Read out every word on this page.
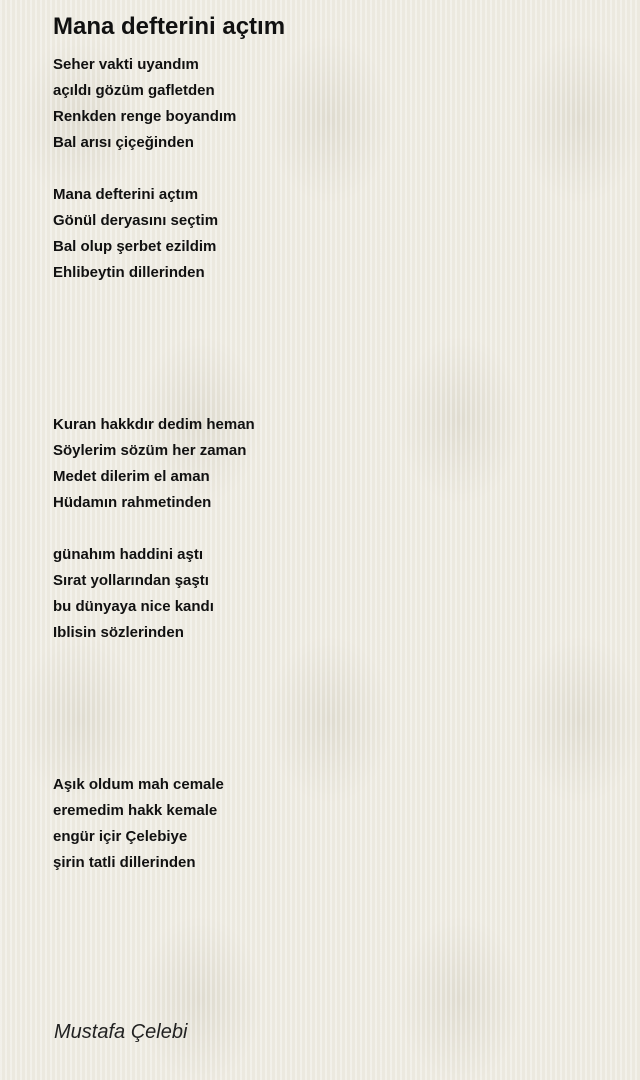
Mana defterini açtım
Seher vakti uyandım
açıldı gözüm gafletden
Renkden renge boyandım
Bal arısı çiçeğinden
Mana defterini açtım
Gönül deryasını seçtim
Bal olup şerbet ezildim
Ehlibeytin dillerinden
Kuran hakkdır dedim heman
Söylerim sözüm her zaman
Medet dilerim el aman
Hüdamın rahmetinden
günahım haddini aştı
Sırat yollarından şaştı
bu dünyaya nice kandı
Iblisin sözlerinden
Aşık oldum mah cemale
eremedim hakk kemale
engür içir Çelebiye
şirin tatli dillerinden
Mustafa Çelebi
